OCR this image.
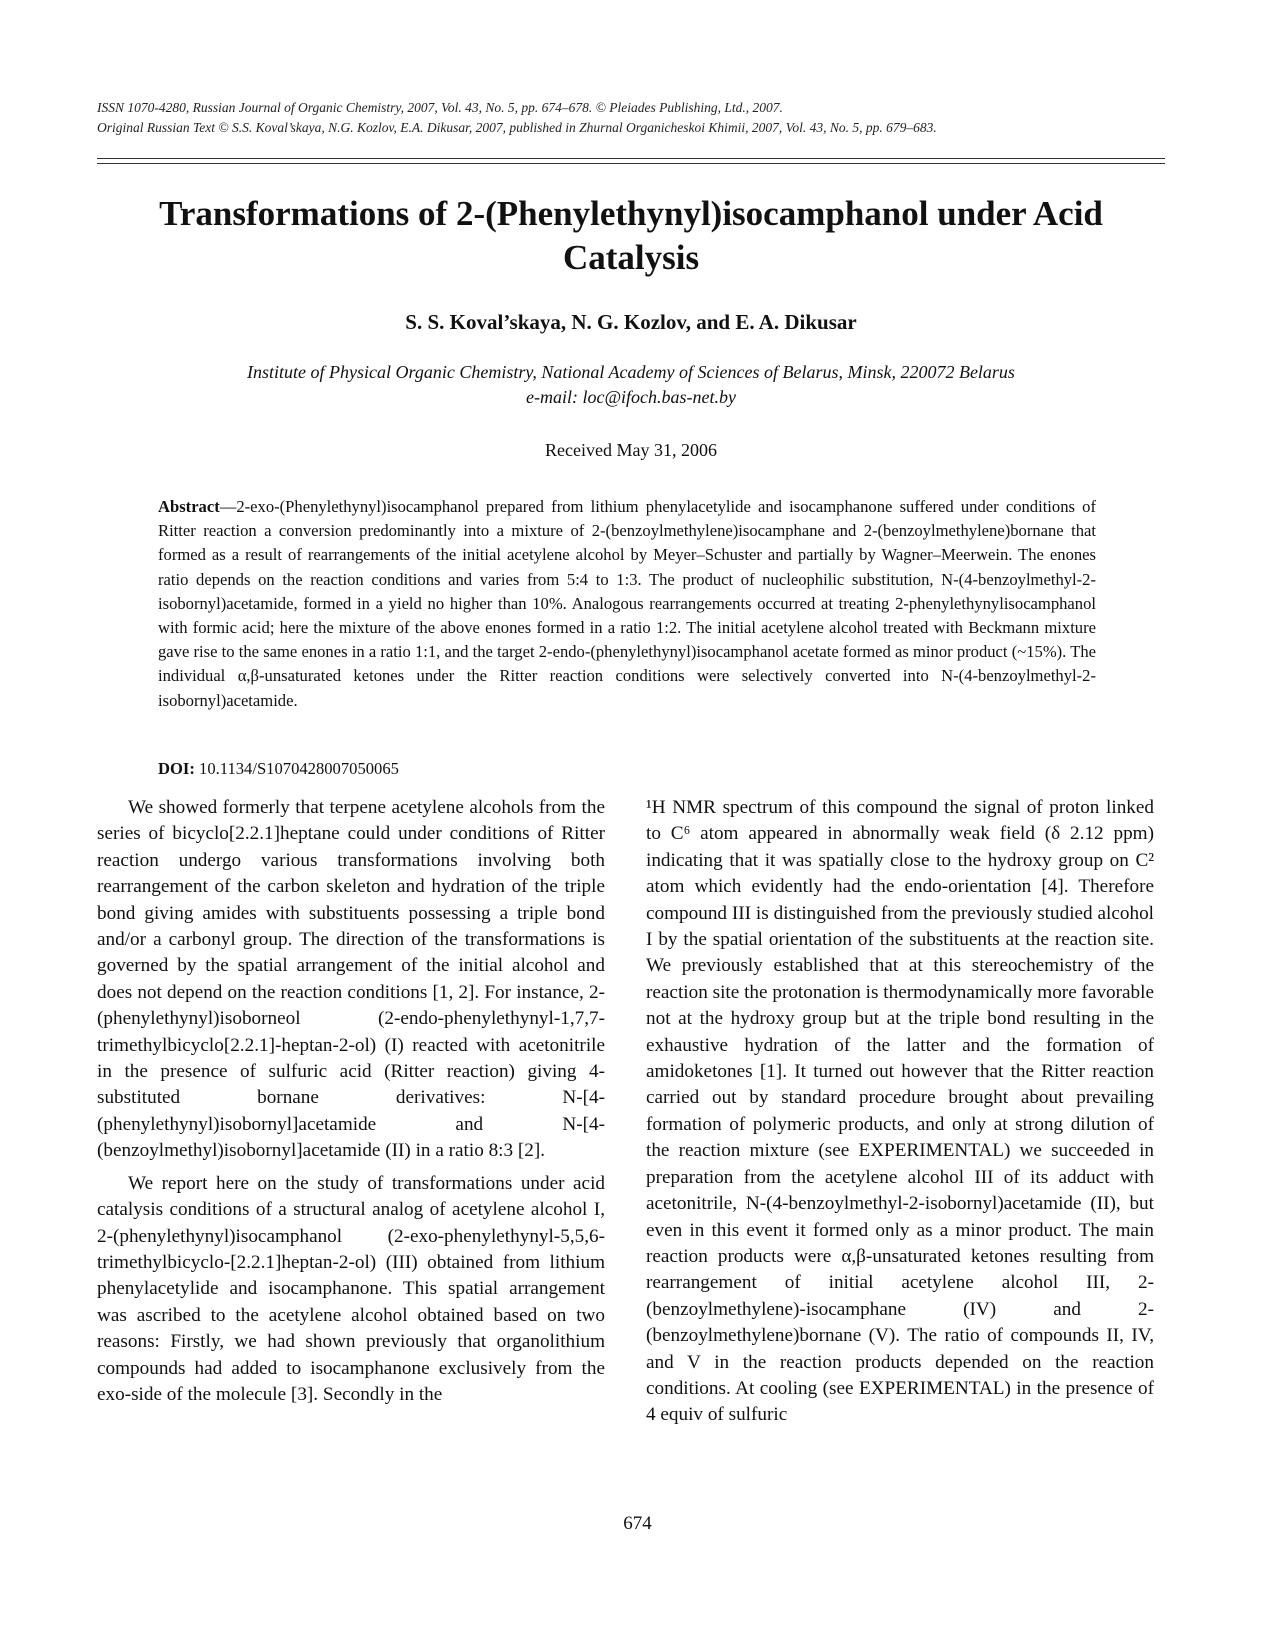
ISSN 1070-4280, Russian Journal of Organic Chemistry, 2007, Vol. 43, No. 5, pp. 674–678. © Pleiades Publishing, Ltd., 2007.
Original Russian Text © S.S. Koval’skaya, N.G. Kozlov, E.A. Dikusar, 2007, published in Zhurnal Organicheskoi Khimii, 2007, Vol. 43, No. 5, pp. 679–683.
Transformations of 2-(Phenylethynyl)isocamphanol under Acid
Catalysis
S. S. Koval’skaya, N. G. Kozlov, and E. A. Dikusar
Institute of Physical Organic Chemistry, National Academy of Sciences of Belarus, Minsk, 220072 Belarus
e-mail: loc@ifoch.bas-net.by
Received May 31, 2006
Abstract—2-exo-(Phenylethynyl)isocamphanol prepared from lithium phenylacetylide and isocamphanone suffered under conditions of Ritter reaction a conversion predominantly into a mixture of 2-(benzoylmethylene)isocamphane and 2-(benzoylmethylene)bornane that formed as a result of rearrangements of the initial acetylene alcohol by Meyer–Schuster and partially by Wagner–Meerwein. The enones ratio depends on the reaction conditions and varies from 5:4 to 1:3. The product of nucleophilic substitution, N-(4-benzoylmethyl-2-isobornyl)acetamide, formed in a yield no higher than 10%. Analogous rearrangements occurred at treating 2-phenylethynylisocamphanol with formic acid; here the mixture of the above enones formed in a ratio 1:2. The initial acetylene alcohol treated with Beckmann mixture gave rise to the same enones in a ratio 1:1, and the target 2-endo-(phenylethynyl)isocamphanol acetate formed as minor product (~15%). The individual α,β-unsaturated ketones under the Ritter reaction conditions were selectively converted into N-(4-benzoylmethyl-2-isobornyl)acetamide.
DOI: 10.1134/S1070428007050065

We showed formerly that terpene acetylene alcohols from the series of bicyclo[2.2.1]heptane could under conditions of Ritter reaction undergo various transformations involving both rearrangement of the carbon skeleton and hydration of the triple bond giving amides with substituents possessing a triple bond and/or a carbonyl group. The direction of the transformations is governed by the spatial arrangement of the initial alcohol and does not depend on the reaction conditions [1, 2]. For instance, 2-(phenylethynyl)isoborneol (2-endo-phenylethynyl-1,7,7-trimethylbicyclo[2.2.1]-heptan-2-ol) (I) reacted with acetonitrile in the presence of sulfuric acid (Ritter reaction) giving 4-substituted bornane derivatives: N-[4-(phenylethynyl)isobornyl]acetamide and N-[4-(benzoylmethyl)isobornyl]acetamide (II) in a ratio 8:3 [2].

We report here on the study of transformations under acid catalysis conditions of a structural analog of acetylene alcohol I, 2-(phenylethynyl)isocamphanol (2-exo-phenylethynyl-5,5,6-trimethylbicyclo-[2.2.1]heptan-2-ol) (III) obtained from lithium phenylacetylide and isocamphanone. This spatial arrangement was ascribed to the acetylene alcohol obtained based on two reasons: Firstly, we had shown previously that organolithium compounds had added to isocamphanone exclusively from the exo-side of the molecule [3]. Secondly in the

¹H NMR spectrum of this compound the signal of proton linked to C⁶ atom appeared in abnormally weak field (δ 2.12 ppm) indicating that it was spatially close to the hydroxy group on C² atom which evidently had the endo-orientation [4]. Therefore compound III is distinguished from the previously studied alcohol I by the spatial orientation of the substituents at the reaction site. We previously established that at this stereochemistry of the reaction site the protonation is thermodynamically more favorable not at the hydroxy group but at the triple bond resulting in the exhaustive hydration of the latter and the formation of amidoketones [1]. It turned out however that the Ritter reaction carried out by standard procedure brought about prevailing formation of polymeric products, and only at strong dilution of the reaction mixture (see EXPERIMENTAL) we succeeded in preparation from the acetylene alcohol III of its adduct with acetonitrile, N-(4-benzoylmethyl-2-isobornyl)acetamide (II), but even in this event it formed only as a minor product. The main reaction products were α,β-unsaturated ketones resulting from rearrangement of initial acetylene alcohol III, 2-(benzoylmethylene)-isocamphane (IV) and 2-(benzoylmethylene)bornane (V). The ratio of compounds II, IV, and V in the reaction products depended on the reaction conditions. At cooling (see EXPERIMENTAL) in the presence of 4 equiv of sulfuric

674
